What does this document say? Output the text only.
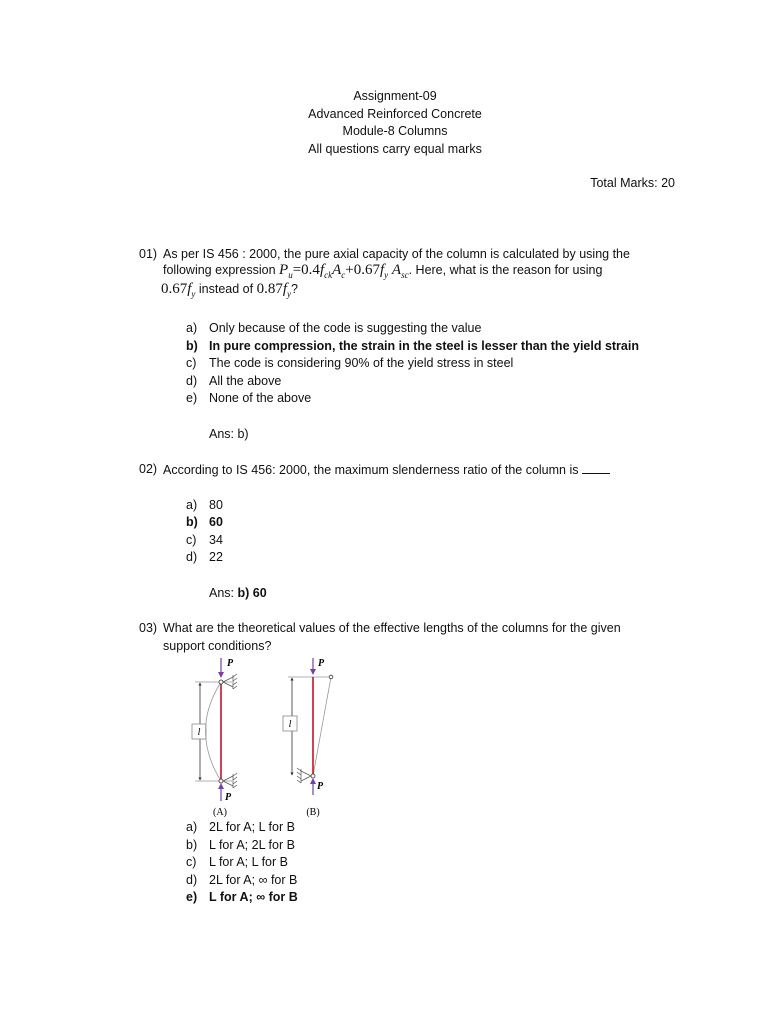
Assignment-09
Advanced Reinforced Concrete
Module-8 Columns
All questions carry equal marks
Total Marks: 20
01) As per IS 456 : 2000, the pure axial capacity of the column is calculated by using the
following expression $P_u=0.4f_{ck}A_c+0.67f_y$ $A_{sc}$. Here, what is the reason for using
$0.67f_y$ instead of $0.87f_y$?
a) Only because of the code is suggesting the value
b) In pure compression, the strain in the steel is lesser than the yield strain
c) The code is considering 90% of the yield stress in steel
d) All the above
e) None of the above
Ans: b)
02) According to IS 456: 2000, the maximum slenderness ratio of the column is
a) 80
b) 60
c) 34
d) 22
Ans: b) 60
03) What are the theoretical values of the effective lengths of the columns for the given
support conditions?
P
l
P
(A)
P
l
P
(B)
a) 2L for A; L for B
b) L for A; 2L for B
c) L for A; L for B
d) 2L for A; ∞ for B
e) L for A; ∞ for B
